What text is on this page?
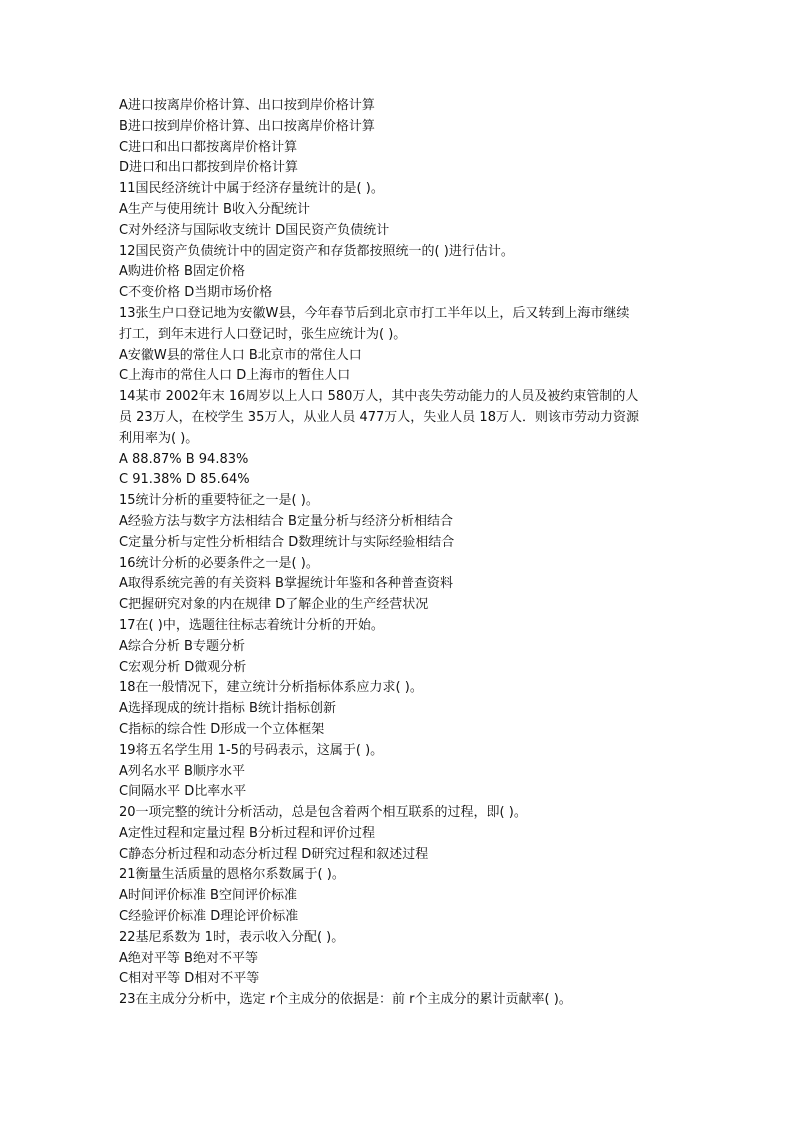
A进口按离岸价格计算、出口按到岸价格计算
B进口按到岸价格计算、出口按离岸价格计算
C进口和出口都按离岸价格计算
D进口和出口都按到岸价格计算
11国民经济统计中属于经济存量统计的是( )。
A生产与使用统计 B收入分配统计
C对外经济与国际收支统计 D国民资产负债统计
12国民资产负债统计中的固定资产和存货都按照统一的( )进行估计。
A购进价格 B固定价格
C不变价格 D当期市场价格
13张生户口登记地为安徽W县，今年春节后到北京市打工半年以上，后又转到上海市继续
打工，到年末进行人口登记时，张生应统计为( )。
A安徽W县的常住人口 B北京市的常住人口
C上海市的常住人口 D上海市的暂住人口
14某市 2002年末 16周岁以上人口 580万人，其中丧失劳动能力的人员及被约束管制的人
员 23万人，在校学生 35万人，从业人员 477万人，失业人员 18万人．则该市劳动力资源
利用率为( )。
A 88.87% B 94.83%
C 91.38% D 85.64%
15统计分析的重要特征之一是( )。
A经验方法与数字方法相结合 B定量分析与经济分析相结合
C定量分析与定性分析相结合 D数理统计与实际经验相结合
16统计分析的必要条件之一是( )。
A取得系统完善的有关资料 B掌握统计年鉴和各种普查资料
C把握研究对象的内在规律 D了解企业的生产经营状况
17在( )中，选题往往标志着统计分析的开始。
A综合分析 B专题分析
C宏观分析 D微观分析
18在一般情况下，建立统计分析指标体系应力求( )。
A选择现成的统计指标 B统计指标创新
C指标的综合性 D形成一个立体框架
19将五名学生用 1-5的号码表示，这属于( )。
A列名水平 B顺序水平
C间隔水平 D比率水平
20一项完整的统计分析活动，总是包含着两个相互联系的过程，即( )。
A定性过程和定量过程 B分析过程和评价过程
C静态分析过程和动态分析过程 D研究过程和叙述过程
21衡量生活质量的恩格尔系数属于( )。
A时间评价标准 B空间评价标准
C经验评价标准 D理论评价标准
22基尼系数为 1时，表示收入分配( )。
A绝对平等 B绝对不平等
C相对平等 D相对不平等
23在主成分分析中，选定 r个主成分的依据是：前 r个主成分的累计贡献率( )。
